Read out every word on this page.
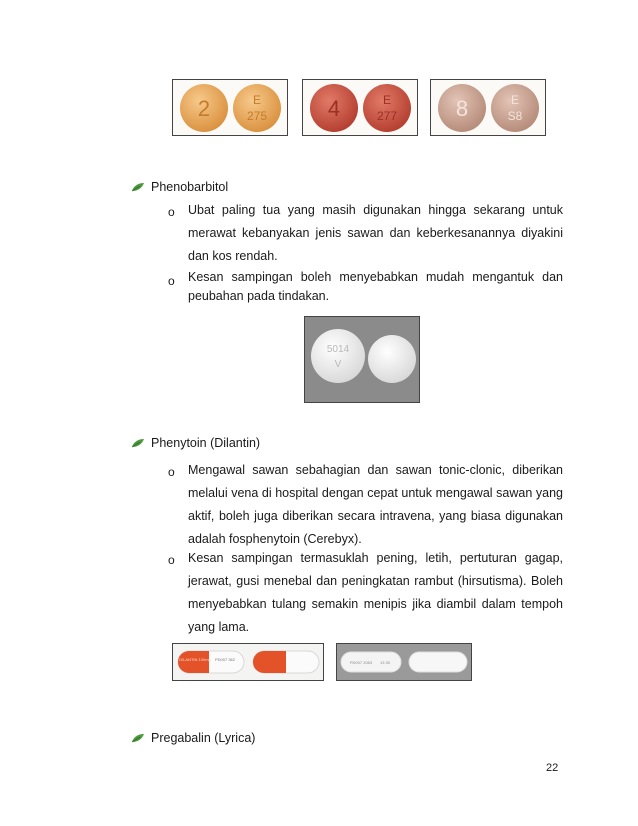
2	E
275	4	E
277	8	E
S8
Phenobarbitol
o Ubat paling tua yang masih digunakan hingga sekarang untuk merawat kebanyakan jenis sawan dan keberkesanannya diyakini dan kos rendah.
o Kesan sampingan boleh menyebabkan mudah mengantuk dan peubahan pada tindakan.
5014
V
Phenytoin (Dilantin)
o Mengawal sawan sebahagian dan sawan tonic-clonic, diberikan melalui vena di hospital dengan cepat untuk mengawal sawan yang aktif, boleh juga diberikan secara intravena, yang biasa digunakan adalah fosphenytoin (Cerebyx).
o Kesan sampingan termasuklah pening, letih, pertuturan gagap, jerawat, gusi menebal dan peningkatan rambut (hirsutisma). Boleh menyebabkan tulang semakin menipis jika diambil dalam tempoh yang lama.
DILANTIN 100mg PD007 362
PD007 2063 13 30
Pregabalin (Lyrica)
22
